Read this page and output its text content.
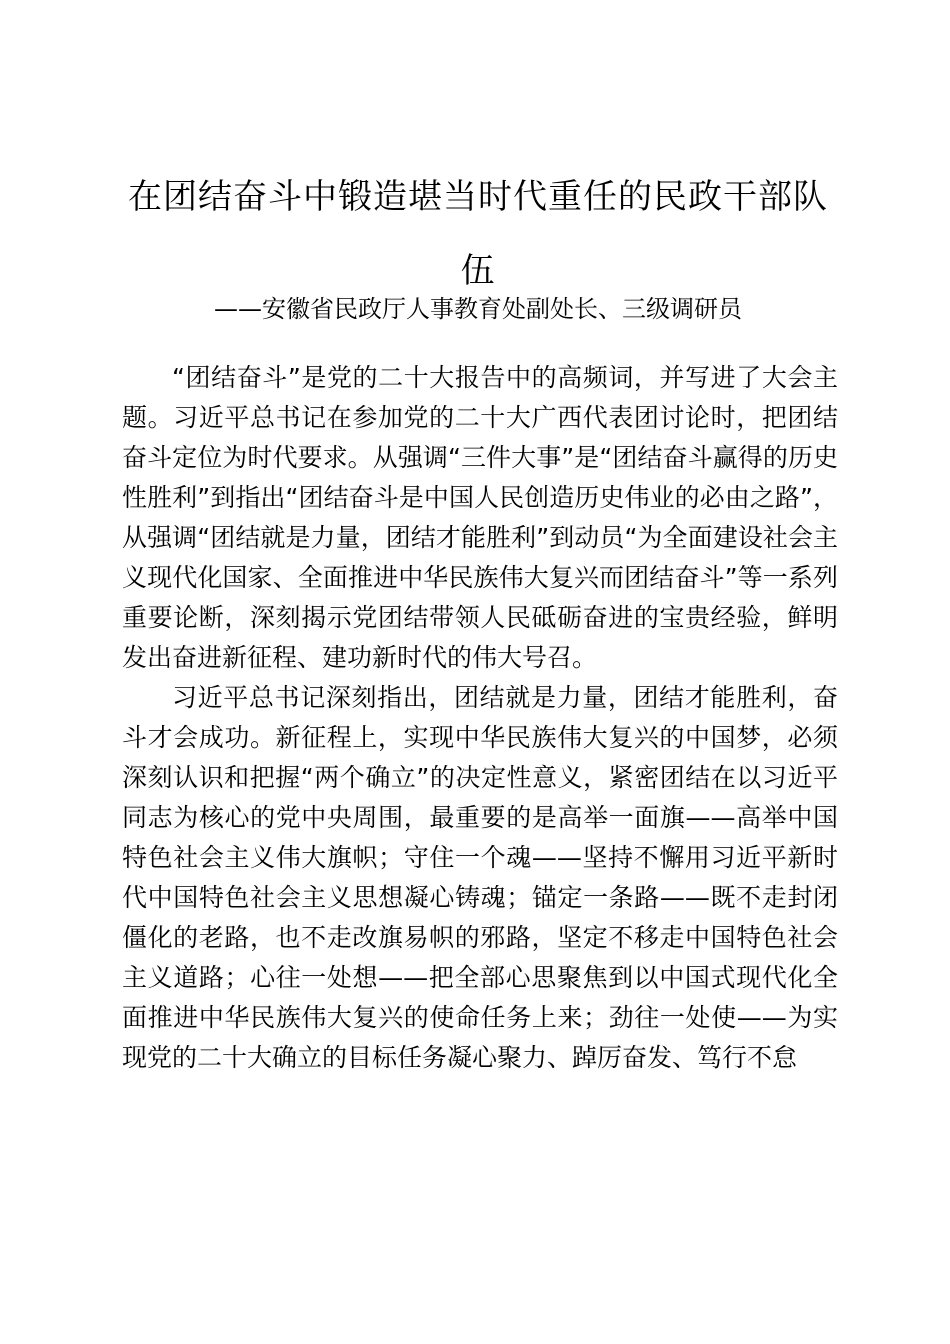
在团结奋斗中锻造堪当时代重任的民政干部队伍
——安徽省民政厅人事教育处副处长、三级调研员

“团结奋斗”是党的二十大报告中的高频词，并写进了大会主题。习近平总书记在参加党的二十大广西代表团讨论时，把团结奋斗定位为时代要求。从强调“三件大事”是“团结奋斗赢得的历史性胜利”到指出“团结奋斗是中国人民创造历史伟业的必由之路”，从强调“团结就是力量，团结才能胜利”到动员“为全面建设社会主义现代化国家、全面推进中华民族伟大复兴而团结奋斗”等一系列重要论断，深刻揭示党团结带领人民砥砺奋进的宝贵经验，鲜明发出奋进新征程、建功新时代的伟大号召。

习近平总书记深刻指出，团结就是力量，团结才能胜利，奋斗才会成功。新征程上，实现中华民族伟大复兴的中国梦，必须深刻认识和把握“两个确立”的决定性意义，紧密团结在以习近平同志为核心的党中央周围，最重要的是高举一面旗——高举中国特色社会主义伟大旗帜；守住一个魂——坚持不懈用习近平新时代中国特色社会主义思想凝心铸魂；锚定一条路——既不走封闭僵化的老路，也不走改旗易帜的邪路，坚定不移走中国特色社会主义道路；心往一处想——把全部心思聚焦到以中国式现代化全面推进中华民族伟大复兴的使命任务上来；劲往一处使——为实现党的二十大确立的目标任务凝心聚力、踔厉奋发、笃行不怠
